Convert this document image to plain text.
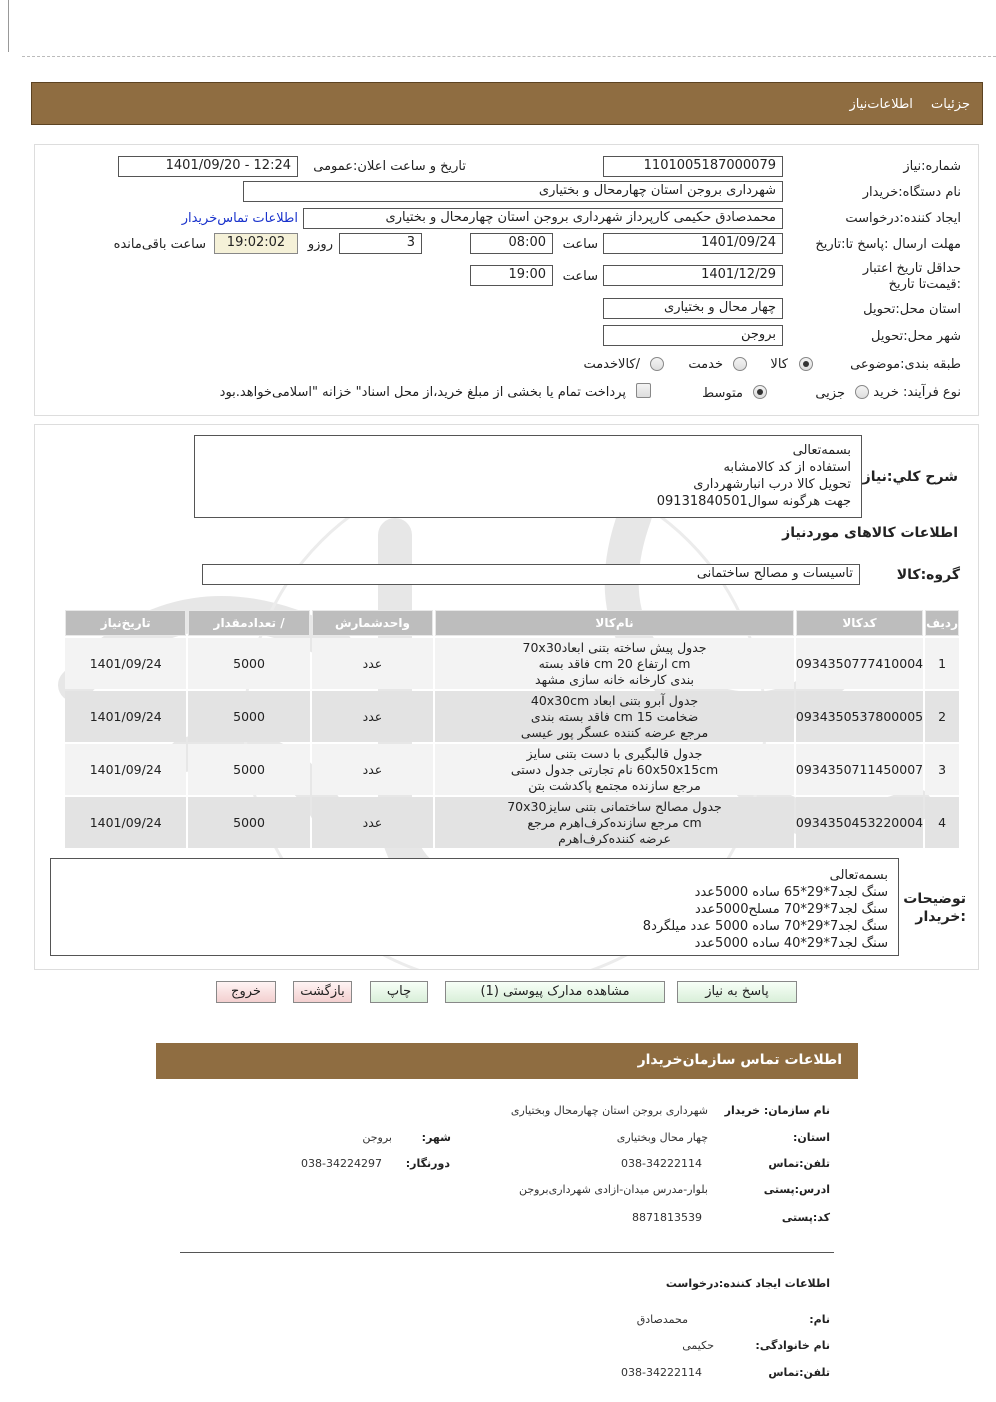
جزئیات اطلاعات‌نیاز
شماره:نیاز
1101005187000079
تاریخ و ساعت اعلان:عمومی
1401/09/20 - 12:24
نام دستگاه:خریدار
شهرداری بروجن استان چهارمحال و بختیاری
ایجاد کننده:درخواست
محمدصادق حکیمی کارپرداز شهرداری بروجن استان چهارمحال و بختیاری
اطلاعات تماس‌خریدار
مهلت ارسال :پاسخ تا:تاریخ
1401/09/24
ساعت
08:00
3
روزو
19:02:02
ساعت باقی‌مانده
حداقل تاریخ اعتبار :قیمت‌تا تاریخ
1401/12/29
ساعت
19:00
استان محل:تحویل
چهار محال و بختیاری
شهر محل:تحویل
بروجن
طبقه بندی:موضوعی
کالا
خدمت
/کالاخدمت
نوع فرآیند: خرید
جزیی
متوسط
پرداخت تمام یا بخشی از مبلغ خرید،از محل اسناد" خزانه "اسلامی‌خواهد.بود
شرح کلي:نیاز
بسمه‌تعالی
استفاده از کد کالامشابه
تحویل کالا درب انبارشهرداری
جهت هرگونه سوال09131840501
اطلاعات کالاهای موردنیاز
گروه:کالا
تاسیسات و مصالح ساختمانی
ردیف	کدکالا	نام‌کالا	واحدشمارش	/ تعدادمقدار	تاریخ‌نیاز
1	0934350777410004	جدول پیش ساخته بتنی ابعاد70x30
cm ارتفاع 20 cm فاقد بسته
بندی کارخانه خانه سازی مشهد	عدد	5000	1401/09/24
2	0934350537800005	جدول آبرو بتنی ابعاد 40x30cm
ضخامت 15 cm فاقد بسته بندی
مرجع عرضه کننده عسگر پور عیسی	عدد	5000	1401/09/24
3	0934350711450007	جدول قالبگیری با دست بتنی سایز
60x50x15cm نام تجارتی جدول دستی
مرجع سازنده مجتمع پاکدشت بتن	عدد	5000	1401/09/24
4	0934350453220004	جدول مصالح ساختمانی بتنی سایز70x30
cm مرجع سازنده‌کرف‌اهرم مرجع
عرضه کننده‌کرف‌اهرم	عدد	5000	1401/09/24
توضیحات :خریدار
بسمه‌تعالی
سنگ لجد7*29*65 ساده 5000عدد
سنگ لجد7*29*70 مسلح5000عدد
سنگ لجد7*29*70 ساده 5000 عدد میلگرد8
سنگ لجد7*29*40 ساده 5000عدد
پاسخ به نیاز
مشاهده مدارک پیوستی (1)
چاپ
بازگشت
خروج
اطلاعات تماس سازمان‌خریدار
نام سازمان: خریدار
شهرداری بروجن استان چهارمحال وبختیاری
استان:
چهار محال وبختیاری
شهر:
بروجن
تلفن:تماس
038-34222114
دورنگار:
038-34224297
ادرس:پستی
بلوار-مدرس میدان-ازادی شهرداری‌بروجن
کد:پستی
8871813539
اطلاعات ایجاد کننده:درخواست
نام:
محمدصادق
نام خانوادگی:
حکیمی
تلفن:تماس
038-34222114
